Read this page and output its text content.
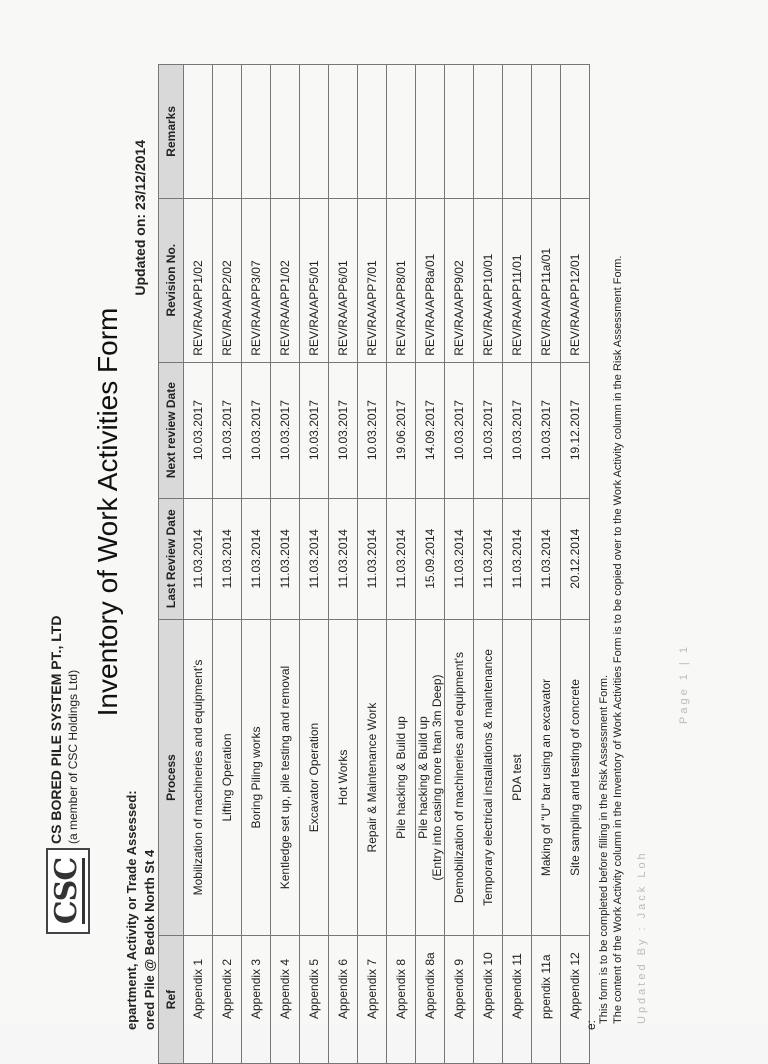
CSC
CS BORED PILE SYSTEM PT., LTD (a member of CSC Holdings Ltd)
Inventory of Work Activities Form
epartment, Activity or Trade Assessed: ored Pile @ Bedok North St 4
Updated on: 23/12/2014
Ref	Process	Last Review Date	Next review Date	Revision No.	Remarks
Appendix 1	Mobilization of machineries and equipment's	11.03.2014	10.03.2017	REV/RA/APP1/02	
Appendix 2	Lifting Operation	11.03.2014	10.03.2017	REV/RA/APP2/02	
Appendix 3	Boring Piling works	11.03.2014	10.03.2017	REV/RA/APP3/07	
Appendix 4	Kentledge set up, pile testing and removal	11.03.2014	10.03.2017	REV/RA/APP1/02	
Appendix 5	Excavator Operation	11.03.2014	10.03.2017	REV/RA/APP5/01	
Appendix 6	Hot Works	11.03.2014	10.03.2017	REV/RA/APP6/01	
Appendix 7	Repair & Maintenance Work	11.03.2014	10.03.2017	REV/RA/APP7/01	
Appendix 8	Pile hacking & Build up	11.03.2014	19.06.2017	REV/RA/APP8/01	
Appendix 8a	Pile hacking & Build up (Entry into casing more than 3m Deep)	15.09.2014	14.09.2017	REV/RA/APP8a/01	
Appendix 9	Demobilization of machineries and equipment's	11.03.2014	10.03.2017	REV/RA/APP9/02	
Appendix 10	Temporary electrical installations & maintenance	11.03.2014	10.03.2017	REV/RA/APP10/01	
Appendix 11	PDA test	11.03.2014	10.03.2017	REV/RA/APP11/01	
ppendix 11a	Making of "U" bar using an excavator	11.03.2014	10.03.2017	REV/RA/APP11a/01	
Appendix 12	Site sampling and testing of concrete	20.12.2014	19.12.2017	REV/RA/APP12/01	
e:
This form is to be completed before filling in the Risk Assessment Form. The content of the Work Activity column in the Inventory of Work Activities Form is to be copied over to the Work Activity column in the Risk Assessment Form. Updated By : Jack Loh
Page 1 | 1
